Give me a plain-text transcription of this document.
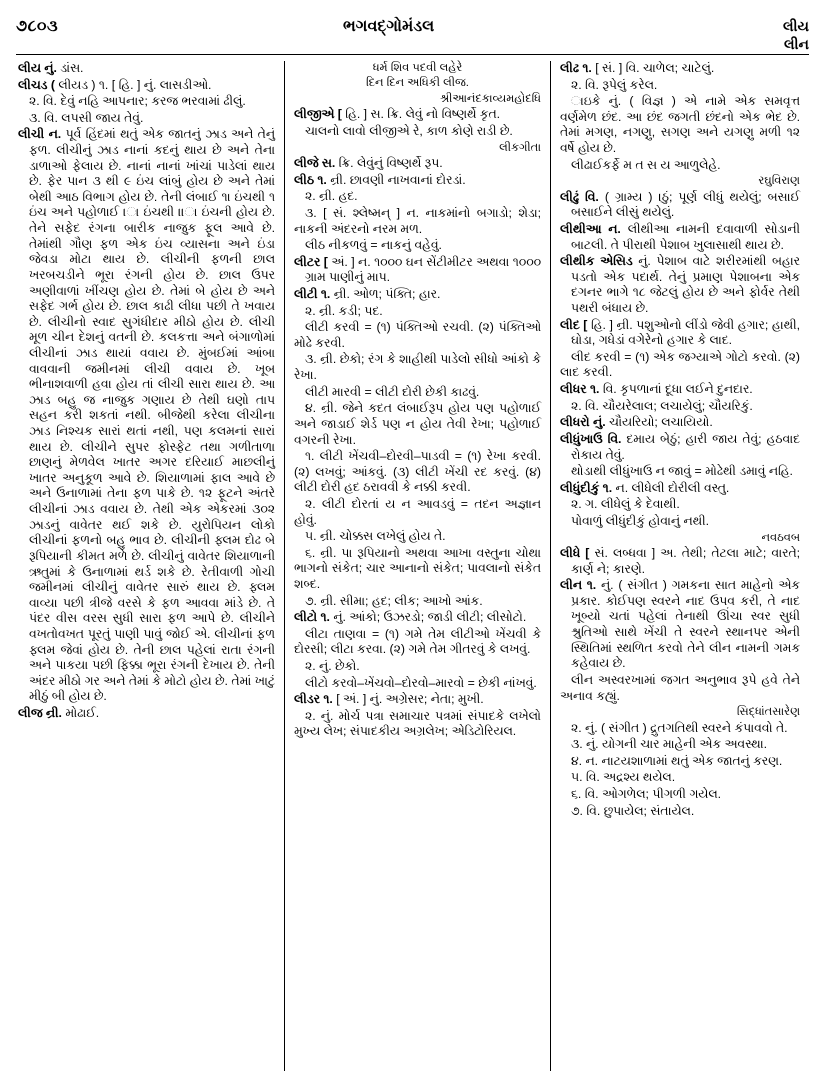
૭૮૦૩	ભગવદ્ગોમંડલ	લીય
લીન

લીય નું. ડાંસ.

લીચડ ( લીયડ ) ૧. [ હિ. ] નું. લાસડીઓ.

૨. વિ. દેવું નહિ આપનાર; કરજ ભરવામાં ઢીલું.

૩. વિ. લપસી જાય તેવું.

લીચી ન. પૂર્વ હિંદમાં થતું એક જાતનું ઝાડ અને તેનું ફળ. લીચીનું ઝાડ નાનાં કદનું થાય છે અને તેના ડાળાઓ ફેલાય છે. નાનાં નાનાં ખાંચાં પાડેલાં થાય છે. ફેર પાન ૩ થી ૯ ઇંચ લાંબું હોય છે અને તેમાં બેથી આઠ વિભાગ હોય છે. તેની લંબાઈ ૧ા ઇંચથી ૧ ઇંચ અને પહોળાઈ ।ા ઇંચથી ॥ા ઇંચની હોય છે. તેને સફેદ રંગના બારીક નાજુક ફૂલ આવે છે. તેમાંથી ગૌણ ફળ એક ઇંચ વ્યાસના અને ઇંડા જેવડા મોટા થાય છે. લીચીની ફળની છાલ ખરબચડીને ભૂરા રંગની હોય છે. છાલ ઉપર અણીવાળાં ખીંચણ હોય છે. તેમાં બે હોય છે અને સફેદ ગર્ભ હોય છે. છાલ કાઢી લીધા પછી તે ખવાય છે. લીચીનો સ્વાદ સુગંધીદાર મીઠો હોય છે. લીચી મૂળ ચીન દેશનું વતની છે. કલકત્તા અને બંગાળોમાં લીચીનાં ઝાડ થાયાં વવાય છે. મુંબઈમાં આંબા વાવવાની જમીનમાં લીચી વવાય છે. ખૂબ ભીનાશવાળી હવા હોય તાં લીચી સારા થાય છે. આ ઝાડ બહુ જ નાજુક ગણાય છે તેથી ઘણો તાપ સહન કરી શકતાં નથી. બીજેથી કરેલા લીચીના ઝાડ નિશ્ચક સારાં થતાં નથી, પણ કલમનાં સારાં થાય છે. લીચીને સુપર ફોસ્ફેટ તથા ગળીતાળા છાણનું મેળવેલ ખાતર અગર દરિયાઈ માછલીનું ખાતર અનુકૂળ આવે છે. શિયાળામાં ફાલ આવે છે અને ઉનાળામાં તેના ફળ પાકે છે. ૧૨ ફૂટને અંતરે લીચીનાં ઝાડ વવાય છે. તેથી એક એકરમાં ૩૦૨ ઝાડનું વાવેતર થઈ શકે છે. યુરોપિયન લોકો લીચીનાં ફળનો બહુ ભાવ છે. લીચીની ફ્લમ દોઢ બે રૂપિયાની કીમત મળે છે. લીચીનું વાવેતર શિયાળાની ઋતુમાં કે ઉનાળામાં થર્ડ શકે છે. રેતીવાળી ગોચી જમીનમાં લીચીનું વાવેતર સારું થાય છે. ફ્લમ વાવ્યા પછી ત્રીજે વરસે કે ફળ આવવા માંડે છે. તે પંદર વીસ વરસ સુધી સારા ફળ આપે છે. લીચીને વખતોવખત પૂરતું પાણી પાવું જોઈ એ. લીચીનાં ફળ ફ્લમ જેવાં હોય છે. તેની છાલ પહેલાં રાતા રંગની અને પાકયા પછી ફિક્કા ભૂરા રંગની દેખાય છે. તેની અંદર મીઠો ગર અને તેમાં કે મોટો હોય છે. તેમાં ખાટું મીઠું બી હોય છે.

લીજ ન્રી. મોઢાઈ.

ધર્મ શિવ પદવી લહેરે

દિન દિન અધિકી લીજ.

શ્રીઆનંદકાવ્યમહોદધિ

લીજીએ [ હિ. ] સ. ક્રિ. લેવું નો વિષ્ણર્થે કૃત.

ચાલનો લાવો લીજીએ રે, કાળ કોણે રાડી છે.

લીકગીતા

લીજે સ. ક્રિ. લેવુંનું વિષ્ણર્થે રૂપ.

લીઠ ૧. ન્રી. છાવણી નાખવાનાં દોરડાં.

૨. ન્રી. હદ.

૩. [ સં. શ્લેષ્મન્ ] ન. નાકમાંનો બગાડો; શેડા; નાકની અંદરનો નરમ મળ.

લીઠ નીકળવું = નાકનું વહેવું.

લીટર [ અં. ] ન. ૧૦૦૦ ઘન સેંટીમીટર અથવા ૧૦૦૦ ગ્રામ પાણીનું માપ.

લીટી ૧. ન્રી. ઓળ; પંક્તિ; હાર.

૨. ન્રી. કડી; પદ.

લીટી કરવી = (૧) પંક્તિઓ રચવી. (૨) પંક્તિઓ મોઢે કરવી.

૩. ન્રી. છેકો; રંગ કે શાહીથી પાડેલો સીધો આંકો કે રેખા.

લીટી મારવી = લીટી દોરી છેકી કાઢવું.

૪. ન્રી. જેને કદત લંબાઈરૂપ હોય પણ પહોળાઈ અને જાડાઈ શેર્ડ પણ ન હોય તેવી રેખા; પહોળાઈ વગરની રેખા.

૧. લીટી ખેંચવી–દોરવી–પાડવી = (૧) રેખા કરવી. (૨) લખવું; આંકવું. (૩) લીટી ખેંચી રદ કરવું. (૪) લીટી દોરી હદ ઠરાવવી કે નક્કી કરવી.

૨. લીટી દોરતાં ય ન આવડવું = તદન અજ્ઞાન હોવું.

૫. ન્રી. ચોક્કસ લખેલું હોય તે.

૬. ન્રી. પા રૂપિયાનો અથવા આખા વસ્તુના ચોથા ભાગનો સંકેત; ચાર આનાનો સંકેત; પાવલાનો સંકેત શબ્દ.

૭. ન્રી. સીમા; હદ; લીક; આખો આંક.

લીટો ૧. નું. આંકો; ઉઝરડો; જાડી લીટી; લીસોટો.

લીટા તાણવા = (૧) ગમે તેમ લીટીઓ ખેંચવી કે દોરસી; લીટા કરવા. (૨) ગમે તેમ ગીતરવું કે લખવું.

૨. નું. છેકો.

લીટો કરવો–ખેંચવો–દોરવો–મારવો = છેકી નાંખવું.

લીડર ૧. [ અં. ] નું. અગ્રેસર; નેતા; મુખી.

૨. નું. મોર્ચ પત્રા સમાચાર પત્રમાં સંપાદકે લખેલો મુખ્ય લેખ; સંપાદકીય અગ્રલેખ; એડિટોરિયલ.

લીઢ ૧. [ સં. ] વિ. ચાળેલ; ચાટેલું.

૨. વિ. રૂપેલું કરેલ.

ાઇકે નું. ( વિજ્ઞ ) એ નામે એક સમવૃત્ત વર્ણમેળ છંદ. આ છંદ જગતી છંદનો એક ભેદ છે. તેમાં મગણ, નગણુ, સગણ અને યગણુ મળી ૧૨ વર્ષે હોય છે.

લીઢાઈકર્ફે મ ત સ ય આળુલેહે.

રઘુવિરાણ

લીઢું વિ. ( ગ્રામ્ય ) ।ઠું; પૂર્ણ લીધું થયેલું; બસાઈ બસાઈને લીસું થયેલું.

લીથીઆ ન. લીથીઆ નામની દવાવાળી સોડાની બાટલી. તે પીરાથી પેશાબ ખુલાસાથી થાય છે.

લીથીક એસિડ નું. પેશાબ વાટે શરીરમાંથી બહાર પડતો એક પદાર્થ. તેનું પ્રમાણ પેશાબના એક દગનર ભાગે ૧૮ જેટલું હોય છે અને ફોર્વર તેથી પથરી બંધાય છે.

લીદ [ હિ. ] ન્રી. પશુઓનો લીંડો જેવી હગાર; હાથી, ઘોડા, ગધેડાં વગેરેનો હગાર કે લાદ.

લીદ કરવી = (૧) એક જગ્યાએ ગોટો કરવો. (૨) લાદ કરવી.

લીધર ૧. વિ. કૃપળાનાં દૂધા લઈને દુનદાર.

૨. વિ. ચૌયરેલાલ; લચાયેલું; ચૌયરિકું.

લીધરો નું. ચૌયરિયો; લચાયિયો.

લીધુંખાઉ વિ. દમાય બેઠું; હારી જાય તેવું; હઠવાદ રોકાય તેવું.

થોડાથી લીધુંખાઉ ન જાવું = મોઢેથી ડમાવું નહિ.

લીધુંદીકું ૧. ન. લીધેલી દોરીલી વસ્તુ.

૨. ગ. લીધેલું કે દેવાથી.

પોવાળું લીધુંદીકું હોવાનું નથી.

નવઠવબ

લીધે [ સં. લબ્ધવા ] અ. તેથી; તેટલા માટે; વારતે; કાર્ણ ને; કારણે.

લીન ૧. નું. ( સંગીત ) ગમકના સાત માહેનો એક પ્રકાર. કોઈપણ સ્વરને નાદ ઉપવ કરી, તે નાદ ખૂબ્યો ચતાં પહેલાં તેનાથી ઊંચા સ્વર સુધી શ્રુતિઓ સાથે ખેંચી તે સ્વરને સ્થાનપર એની સ્થિતિમાં સ્થળિત કરવો તેને લીન નામની ગમક કહેવાય છે.

લીન અસ્વરખામાં જગત અનુભાવ રૂપે હવે તેને અનાવ કહ્યું.

સિદ્ધાંતસારેણ

૨. નું. ( સંગીત ) દ્રુતગતિથી સ્વરને કંપાવવો તે.

૩. નું. યોગની ચાર માહેની એક અવસ્થા.

૪. ન. નાટયશાળામાં થતું એક જાતનું કરણ.

૫. વિ. અદ્રશ્ય થયેલ.

૬. વિ. ઓગળેલ; પીગળી ગયેલ.

૭. વિ. છુપાયેલ; સંતાયેલ.
